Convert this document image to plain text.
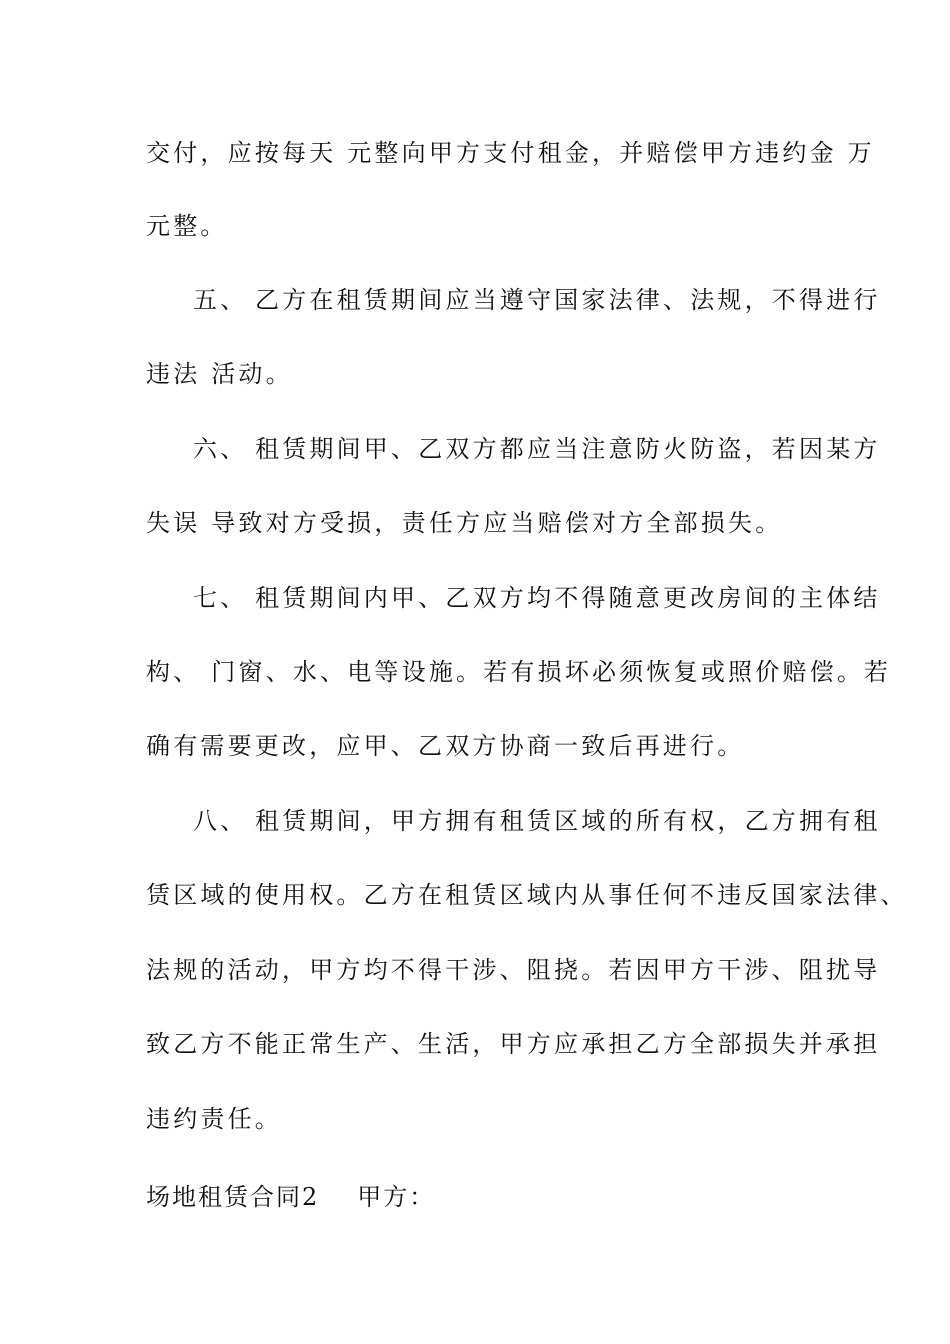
交付，应按每天 元整向甲方支付租金，并赔偿甲方违约金 万
元整。
五、 乙方在租赁期间应当遵守国家法律、法规，不得进行
违法 活动。
六、 租赁期间甲、乙双方都应当注意防火防盗，若因某方
失误 导致对方受损，责任方应当赔偿对方全部损失。
七、 租赁期间内甲、乙双方均不得随意更改房间的主体结
构、 门窗、水、电等设施。若有损坏必须恢复或照价赔偿。若
确有需要更改，应甲、乙双方协商一致后再进行。
八、 租赁期间，甲方拥有租赁区域的所有权，乙方拥有租
赁区域的使用权。乙方在租赁区域内从事任何不违反国家法律、
法规的活动，甲方均不得干涉、阻挠。若因甲方干涉、阻扰导
致乙方不能正常生产、生活，甲方应承担乙方全部损失并承担
违约责任。
场地租赁合同2 甲方：
